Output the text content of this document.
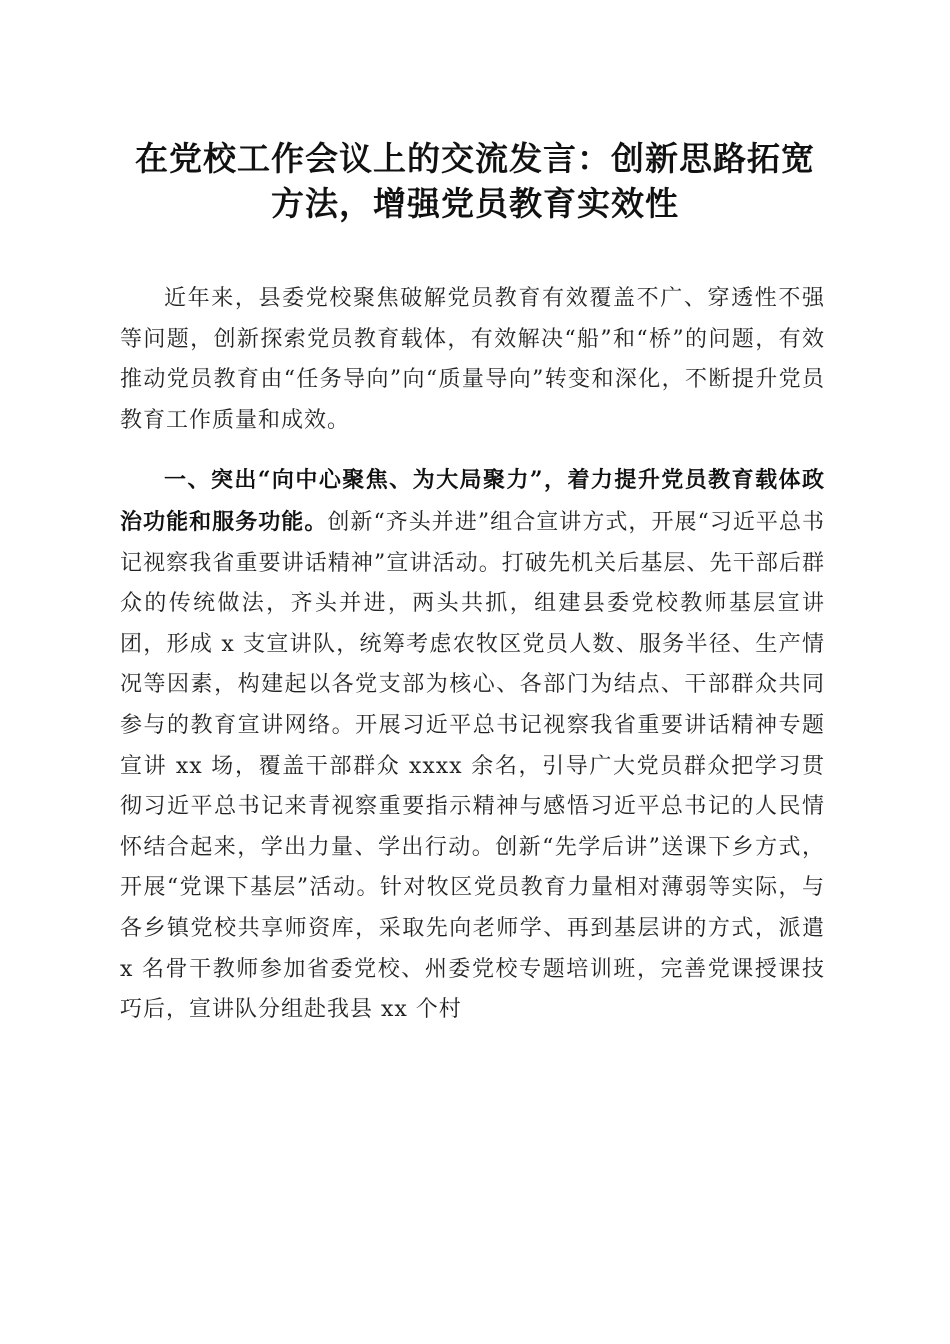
在党校工作会议上的交流发言：创新思路拓宽
方法，增强党员教育实效性

近年来，县委党校聚焦破解党员教育有效覆盖不广、穿透性不强等问题，创新探索党员教育载体，有效解决“船”和“桥”的问题，有效推动党员教育由“任务导向”向“质量导向”转变和深化，不断提升党员教育工作质量和成效。

一、突出“向中心聚焦、为大局聚力”，着力提升党员教育载体政治功能和服务功能。创新“齐头并进”组合宣讲方式，开展“习近平总书记视察我省重要讲话精神”宣讲活动。打破先机关后基层、先干部后群众的传统做法，齐头并进，两头共抓，组建县委党校教师基层宣讲团，形成 x 支宣讲队，统筹考虑农牧区党员人数、服务半径、生产情况等因素，构建起以各党支部为核心、各部门为结点、干部群众共同参与的教育宣讲网络。开展习近平总书记视察我省重要讲话精神专题宣讲 xx 场，覆盖干部群众 xxxx 余名，引导广大党员群众把学习贯彻习近平总书记来青视察重要指示精神与感悟习近平总书记的人民情怀结合起来，学出力量、学出行动。创新“先学后讲”送课下乡方式，开展“党课下基层”活动。针对牧区党员教育力量相对薄弱等实际，与各乡镇党校共享师资库，采取先向老师学、再到基层讲的方式，派遣 x 名骨干教师参加省委党校、州委党校专题培训班，完善党课授课技巧后，宣讲队分组赴我县 xx 个村
